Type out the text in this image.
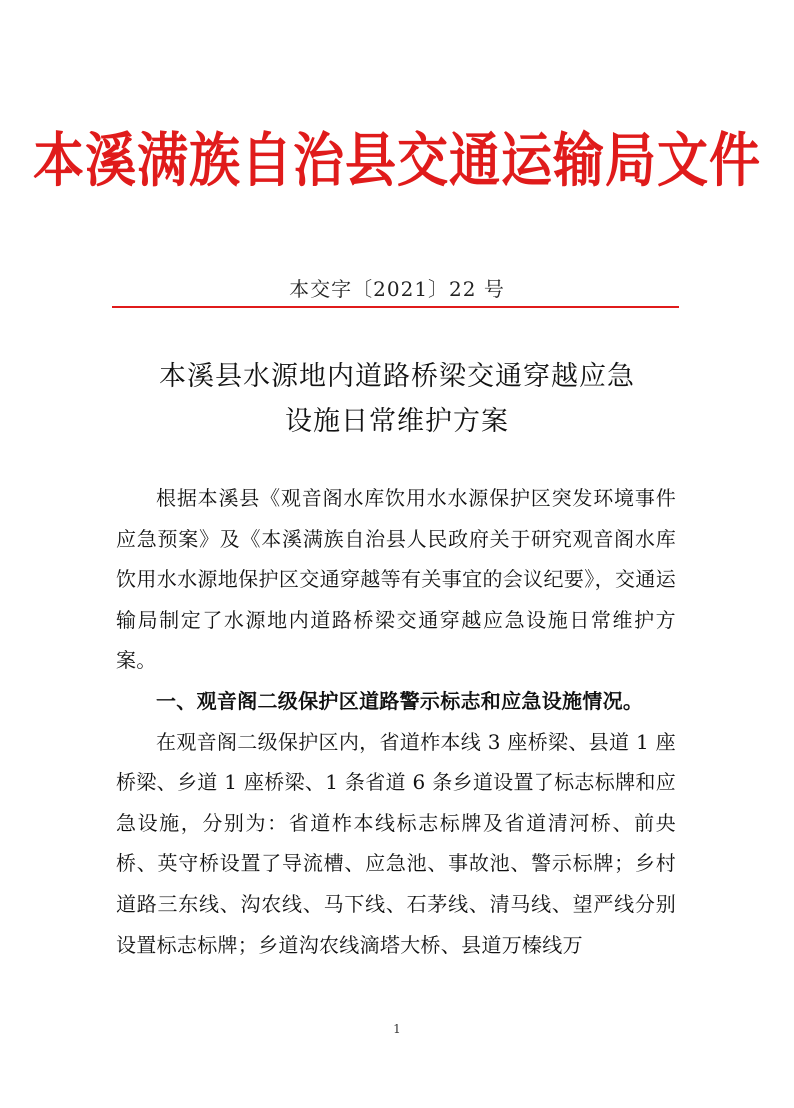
本溪满族自治县交通运输局文件
本交字〔2021〕22 号
本溪县水源地内道路桥梁交通穿越应急
设施日常维护方案

根据本溪县《观音阁水库饮用水水源保护区突发环境事件应急预案》及《本溪满族自治县人民政府关于研究观音阁水库饮用水水源地保护区交通穿越等有关事宜的会议纪要》，交通运输局制定了水源地内道路桥梁交通穿越应急设施日常维护方案。

一、观音阁二级保护区道路警示标志和应急设施情况。

在观音阁二级保护区内，省道柞本线 3 座桥梁、县道 1 座桥梁、乡道 1 座桥梁、1 条省道 6 条乡道设置了标志标牌和应急设施，分别为：省道柞本线标志标牌及省道清河桥、前央桥、英守桥设置了导流槽、应急池、事故池、警示标牌；乡村道路三东线、沟农线、马下线、石茅线、清马线、望严线分别设置标志标牌；乡道沟农线滴塔大桥、县道万榛线万

1
